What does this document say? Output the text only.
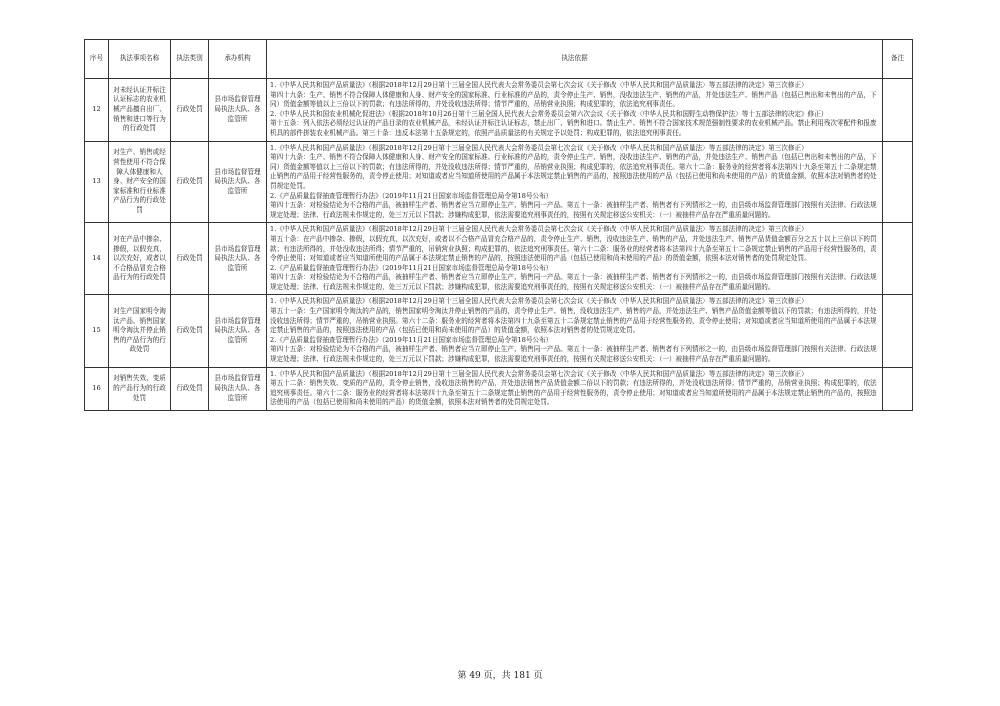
序号	执法事项名称	执法类别	承办机构	执法依据	备注
12	对未经认证并标注认证标志的农业机械产品擅自出厂、销售和进口等行为的行政处罚	行政处罚	县市场监督管理局执法大队、各监管所	1.《中华人民共和国产品质量法》（根据2018年12月29日第十三届全国人民代表大会常务委员会第七次会议《关于修改〈中华人民共和国产品质量法〉等五部法律的决定》第三次修正）
第四十九条：生产、销售不符合保障人体健康和人身、财产安全的国家标准、行业标准的产品的，责令停止生产、销售，没收违法生产、销售的产品，并处违法生产、销售产品（包括已售出和未售出的产品，下同）货值金额等值以上三倍以下的罚款；有违法所得的，并处没收违法所得；情节严重的，吊销营业执照；构成犯罪的，依法追究刑事责任。
2.《中华人民共和国农业机械化促进法》（根据2018年10月26日第十三届全国人民代表大会常务委员会第六次会议《关于修改〈中华人民共和国野生动物保护法〉等十五部法律的决定》修正）
第十五条：列入依法必须经过认证的产品目录的农业机械产品，未经认证并标注认证标志，禁止出厂、销售和进口。禁止生产、销售不符合国家技术规范强制性要求的农业机械产品。禁止利用残次零配件和报废机具的部件拼装农业机械产品。第三十条：违反本法第十五条规定的，依照产品质量法的有关规定予以处罚；构成犯罪的，依法追究刑事责任。	

13	对生产、销售或经营性使用不符合保障人体健康和人身、财产安全的国家标准和行业标准产品行为的行政处罚	行政处罚	县市场监督管理局执法大队、各监管所	1.《中华人民共和国产品质量法》（根据2018年12月29日第十三届全国人民代表大会常务委员会第七次会议《关于修改〈中华人民共和国产品质量法〉等五部法律的决定》第三次修正）
第四十九条：生产、销售不符合保障人体健康和人身、财产安全的国家标准、行业标准的产品的，责令停止生产、销售，没收违法生产、销售的产品，并处违法生产、销售产品（包括已售出和未售出的产品，下同）货值金额等值以上三倍以下的罚款；有违法所得的，并处没收违法所得；情节严重的，吊销营业执照；构成犯罪的，依法追究刑事责任。第六十二条：服务业的经营者将本法第四十九条至第五十二条规定禁止销售的产品用于经营性服务的，责令停止使用；对知道或者应当知道所使用的产品属于本法规定禁止销售的产品的，按照违法使用的产品（包括已使用和尚未使用的产品）的货值金额，依照本法对销售者的处罚规定处罚。
2.《产品质量监督抽查管理暂行办法》（2019年11月21日国家市场监督管理总局令第18号公布）
第四十五条：对检验结论为不合格的产品，被抽样生产者、销售者应当立即停止生产、销售同一产品。第五十一条：被抽样生产者、销售者有下列情形之一的，由县级市场监督管理部门按照有关法律、行政法规规定处理；法律、行政法规未作规定的，处三万元以下罚款；涉嫌构成犯罪，依法需要追究刑事责任的，按照有关规定移送公安机关：（一）被抽样产品存在严重质量问题的。	

14	对在产品中掺杂、掺假，以假充真，以次充好，或者以不合格品冒充合格品行为的行政处罚	行政处罚	县市场监督管理局执法大队、各监管所	1.《中华人民共和国产品质量法》（根据2018年12月29日第十三届全国人民代表大会常务委员会第七次会议《关于修改〈中华人民共和国产品质量法〉等五部法律的决定》第三次修正）
第五十条：在产品中掺杂、掺假，以假充真，以次充好，或者以不合格产品冒充合格产品的，责令停止生产、销售，没收违法生产、销售的产品，并处违法生产、销售产品货值金额百分之五十以上三倍以下的罚款；有违法所得的，并处没收违法所得；情节严重的，吊销营业执照；构成犯罪的，依法追究刑事责任。第六十二条：服务业的经营者将本法第四十九条至第五十二条规定禁止销售的产品用于经营性服务的，责令停止使用；对知道或者应当知道所使用的产品属于本法规定禁止销售的产品的，按照违法使用的产品（包括已使用和尚未使用的产品）的货值金额，依照本法对销售者的处罚规定处罚。
2.《产品质量监督抽查管理暂行办法》（2019年11月21日国家市场监督管理总局令第18号公布）
第四十五条：对检验结论为不合格的产品，被抽样生产者、销售者应当立即停止生产、销售同一产品。第五十一条：被抽样生产者、销售者有下列情形之一的，由县级市场监督管理部门按照有关法律、行政法规规定处理；法律、行政法规未作规定的，处三万元以下罚款；涉嫌构成犯罪，依法需要追究刑事责任的，按照有关规定移送公安机关：（一）被抽样产品存在严重质量问题的。	

15	对生产国家明令淘汰产品、销售国家明令淘汰并停止销售的产品行为的行政处罚	行政处罚	县市场监督管理局执法大队、各监管所	1.《中华人民共和国产品质量法》（根据2018年12月29日第十三届全国人民代表大会常务委员会第七次会议《关于修改〈中华人民共和国产品质量法〉等五部法律的决定》第三次修正）
第五十一条：生产国家明令淘汰的产品的，销售国家明令淘汰并停止销售的产品的，责令停止生产、销售，没收违法生产、销售的产品，并处违法生产、销售产品货值金额等值以下的罚款；有违法所得的，并处没收违法所得；情节严重的，吊销营业执照。第六十二条：服务业的经营者将本法第四十九条至第五十二条规定禁止销售的产品用于经营性服务的，责令停止使用；对知道或者应当知道所使用的产品属于本法规定禁止销售的产品的，按照违法使用的产品（包括已使用和尚未使用的产品）的货值金额，依照本法对销售者的处罚规定处罚。
2.《产品质量监督抽查管理暂行办法》（2019年11月21日国家市场监督管理总局令第18号公布）
第四十五条：对检验结论为不合格的产品，被抽样生产者、销售者应当立即停止生产、销售同一产品。第五十一条：被抽样生产者、销售者有下列情形之一的，由县级市场监督管理部门按照有关法律、行政法规规定处理；法律、行政法规未作规定的，处三万元以下罚款；涉嫌构成犯罪，依法需要追究刑事责任的，按照有关规定移送公安机关：（一）被抽样产品存在严重质量问题的。	

16	对销售失效、变质的产品行为的行政处罚	行政处罚	县市场监督管理局执法大队、各监管所	1.《中华人民共和国产品质量法》（根据2018年12月29日第十三届全国人民代表大会常务委员会第七次会议《关于修改〈中华人民共和国产品质量法〉等五部法律的决定》第三次修正）
第五十二条：销售失效、变质的产品的，责令停止销售，没收违法销售的产品，并处违法销售产品货值金额二倍以下的罚款；有违法所得的，并处没收违法所得；情节严重的，吊销营业执照；构成犯罪的，依法追究刑事责任。第六十二条：服务业的经营者将本法第四十九条至第五十二条规定禁止销售的产品用于经营性服务的，责令停止使用；对知道或者应当知道所使用的产品属于本法规定禁止销售的产品的，按照违法使用的产品（包括已使用和尚未使用的产品）的货值金额，依照本法对销售者的处罚规定处罚。	

第 49 页，共 181 页
